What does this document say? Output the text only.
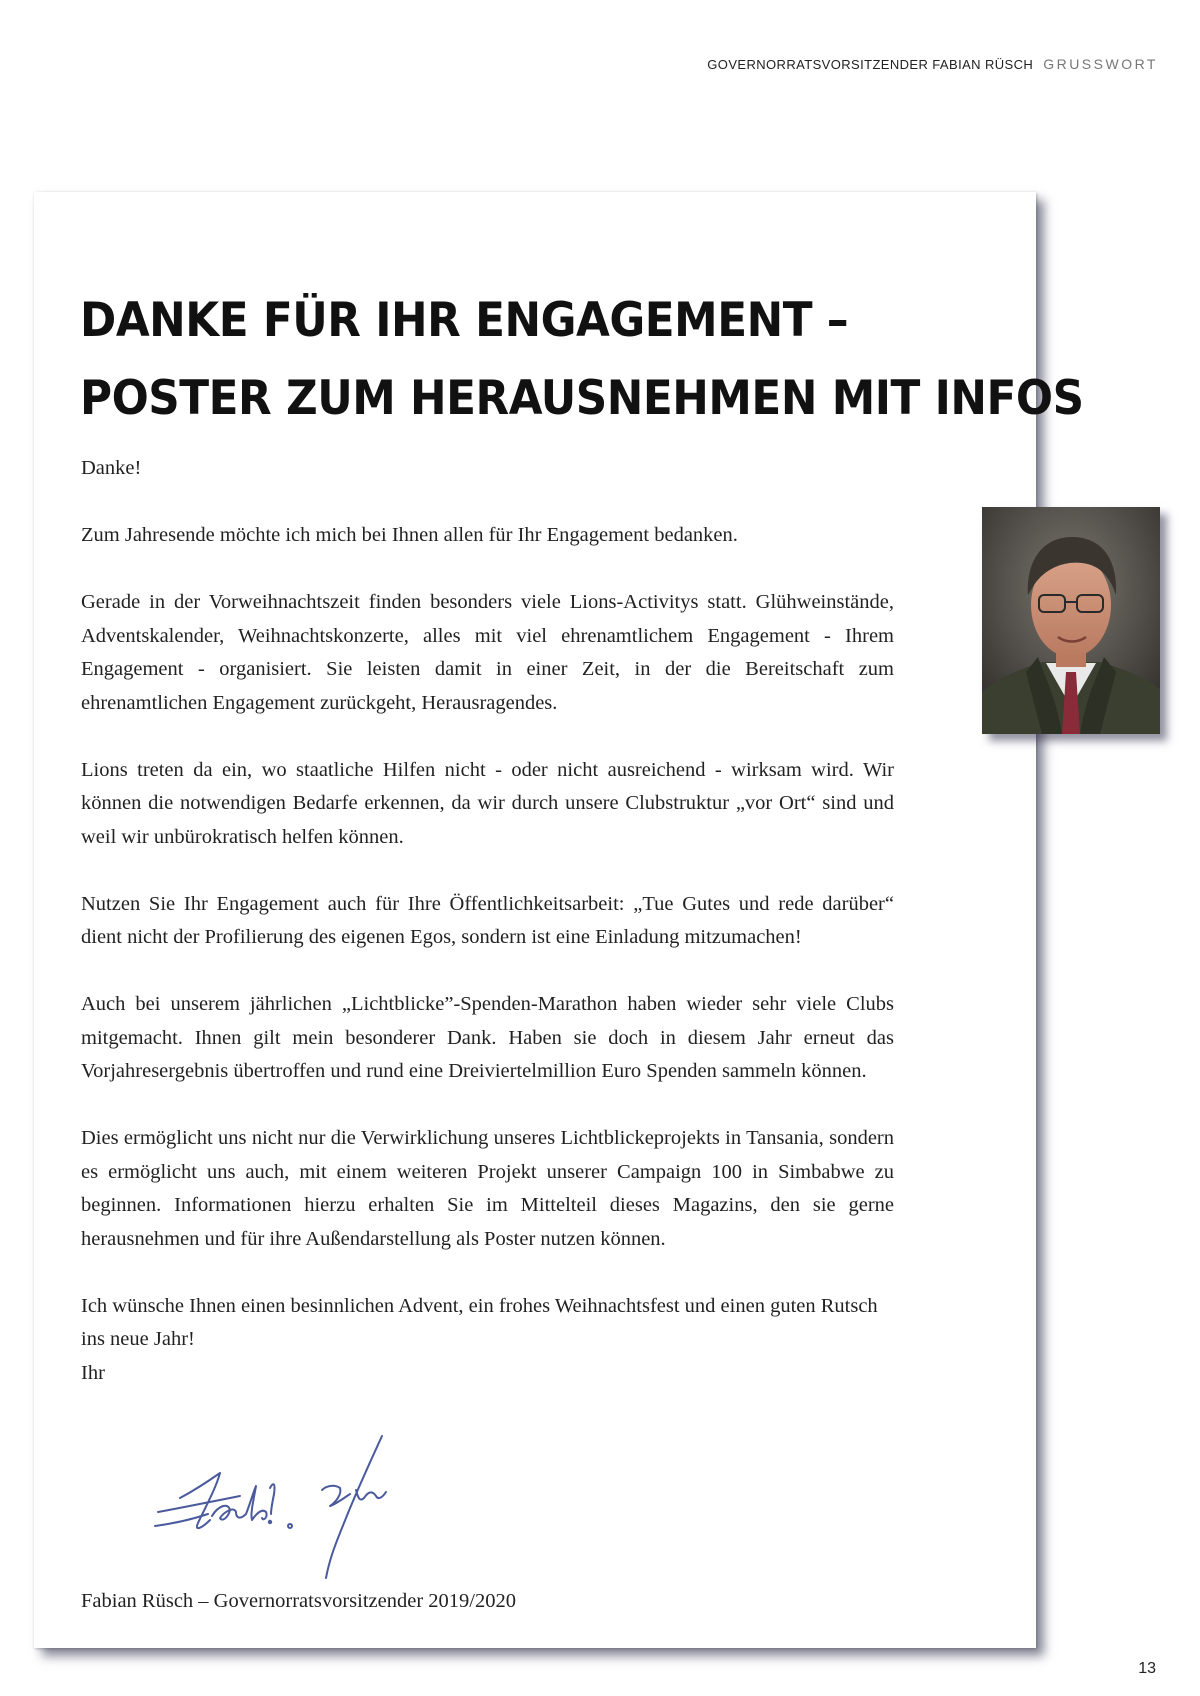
GOVERNORRATSVORSITZENDER FABIAN RÜSCH GRUSSWORT
DANKE FÜR IHR ENGAGEMENT –
POSTER ZUM HERAUSNEHMEN MIT INFOS

Danke!

Zum Jahresende möchte ich mich bei Ihnen allen für Ihr Engagement bedanken.

Gerade in der Vorweihnachtszeit finden besonders viele Lions-Activitys statt. Glühweinstände, Adventskalender, Weihnachtskonzerte, alles mit viel ehrenamtlichem Engagement - Ihrem Engagement - organisiert. Sie leisten damit in einer Zeit, in der die Bereitschaft zum ehrenamtlichen Engagement zurückgeht, Herausragendes.

Lions treten da ein, wo staatliche Hilfen nicht - oder nicht ausreichend - wirksam wird. Wir können die notwendigen Bedarfe erkennen, da wir durch unsere Clubstruktur „vor Ort“ sind und weil wir unbürokratisch helfen können.

Nutzen Sie Ihr Engagement auch für Ihre Öffentlichkeitsarbeit: „Tue Gutes und rede darüber“ dient nicht der Profilierung des eigenen Egos, sondern ist eine Einladung mitzumachen!

Auch bei unserem jährlichen „Lichtblicke”-Spenden-Marathon haben wieder sehr viele Clubs mitgemacht. Ihnen gilt mein besonderer Dank. Haben sie doch in diesem Jahr erneut das Vorjahresergebnis übertroffen und rund eine Dreiviertelmillion Euro Spenden sammeln können.

Dies ermöglicht uns nicht nur die Verwirklichung unseres Lichtblickeprojekts in Tansania, sondern es ermöglicht uns auch, mit einem weiteren Projekt unserer Campaign 100 in Simbabwe zu beginnen. Informationen hierzu erhalten Sie im Mittelteil dieses Magazins, den sie gerne herausnehmen und für ihre Außendarstellung als Poster nutzen können.

Ich wünsche Ihnen einen besinnlichen Advent, ein frohes Weihnachtsfest und einen guten Rutsch ins neue Jahr!

Ihr

Fabian Rüsch – Governorratsvorsitzender 2019/2020
13
